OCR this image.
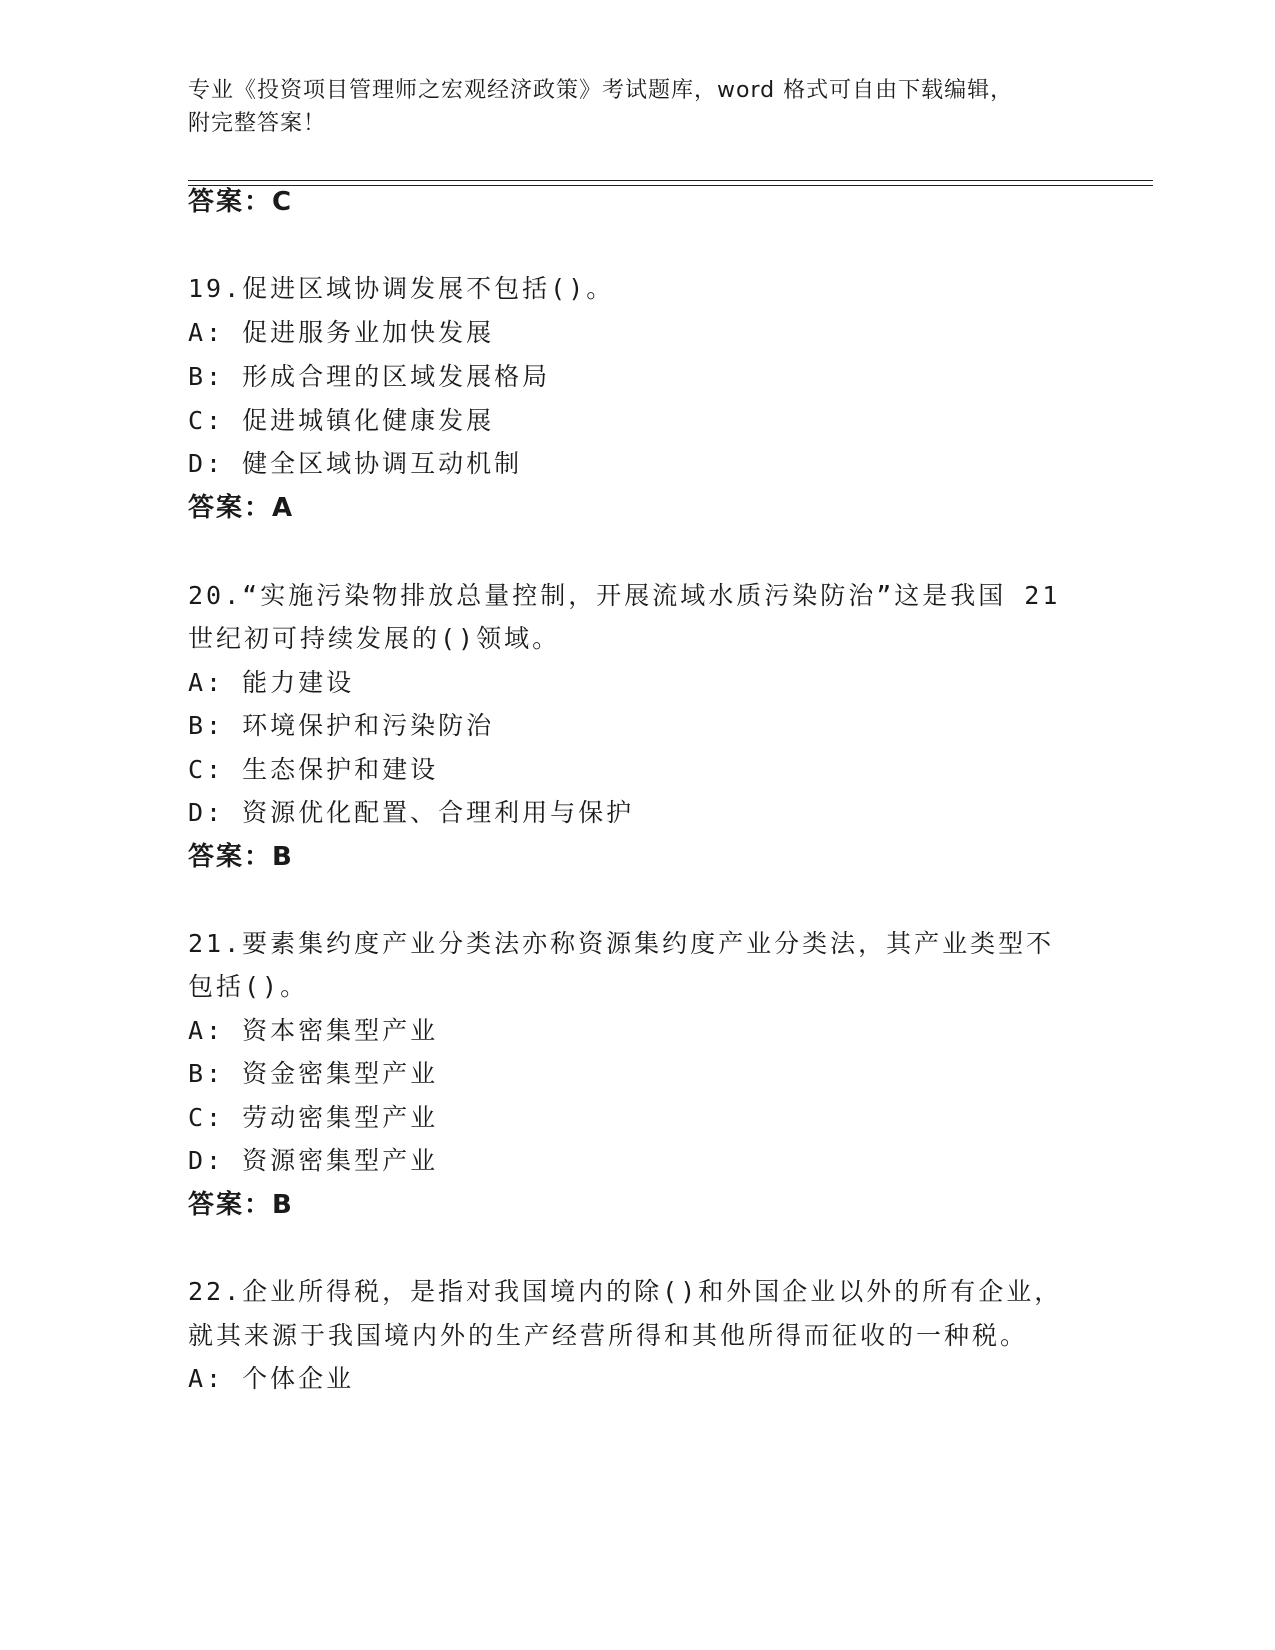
专业《投资项目管理师之宏观经济政策》考试题库，word 格式可自由下载编辑，
附完整答案！
答案：C
19.促进区域协调发展不包括()。
A: 促进服务业加快发展
B: 形成合理的区域发展格局
C: 促进城镇化健康发展
D: 健全区域协调互动机制
答案：A
20.“实施污染物排放总量控制，开展流域水质污染防治”这是我国 21
世纪初可持续发展的()领域。
A: 能力建设
B: 环境保护和污染防治
C: 生态保护和建设
D: 资源优化配置、合理利用与保护
答案：B
21.要素集约度产业分类法亦称资源集约度产业分类法，其产业类型不
包括()。
A: 资本密集型产业
B: 资金密集型产业
C: 劳动密集型产业
D: 资源密集型产业
答案：B
22.企业所得税，是指对我国境内的除()和外国企业以外的所有企业，
就其来源于我国境内外的生产经营所得和其他所得而征收的一种税。
A: 个体企业
